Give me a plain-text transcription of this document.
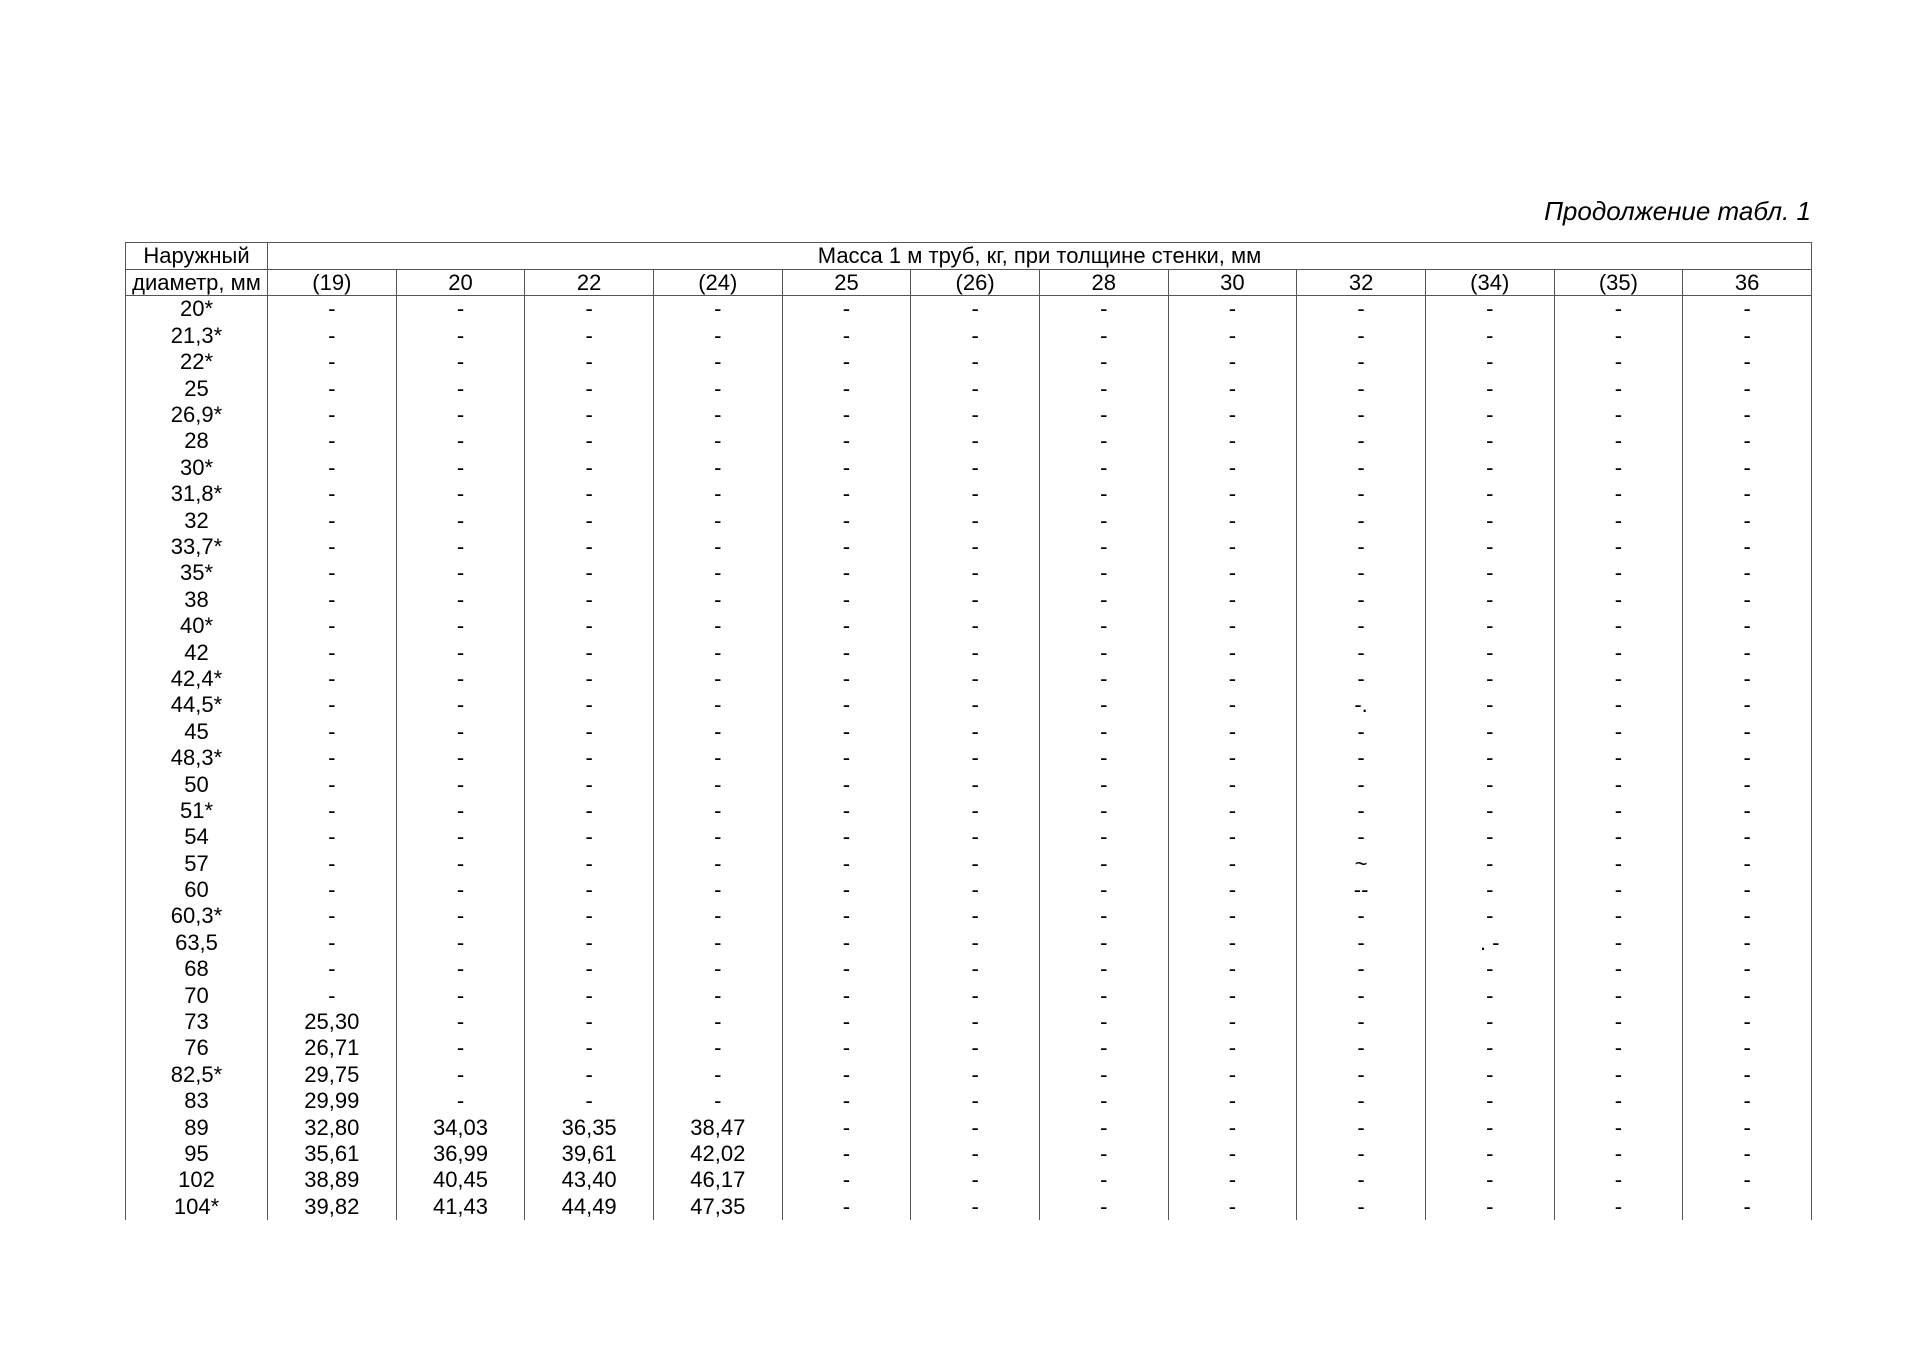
Продолжение табл. 1
Наружный	Масса 1 м труб, кг, при толщине стенки, мм											
диаметр, мм	(19)	20	22	(24)	25	(26)	28	30	32	(34)	(35)	36
20*	-	-	-	-	-	-	-	-	-	-	-	-
21,3*	-	-	-	-	-	-	-	-	-	-	-	-
22*	-	-	-	-	-	-	-	-	-	-	-	-
25	-	-	-	-	-	-	-	-	-	-	-	-
26,9*	-	-	-	-	-	-	-	-	-	-	-	-
28	-	-	-	-	-	-	-	-	-	-	-	-
30*	-	-	-	-	-	-	-	-	-	-	-	-
31,8*	-	-	-	-	-	-	-	-	-	-	-	-
32	-	-	-	-	-	-	-	-	-	-	-	-
33,7*	-	-	-	-	-	-	-	-	-	-	-	-
35*	-	-	-	-	-	-	-	-	-	-	-	-
38	-	-	-	-	-	-	-	-	-	-	-	-
40*	-	-	-	-	-	-	-	-	-	-	-	-
42	-	-	-	-	-	-	-	-	-	-	-	-
42,4*	-	-	-	-	-	-	-	-	-	-	-	-
44,5*	-	-	-	-	-	-	-	-	-.	-	-	-
45	-	-	-	-	-	-	-	-	-	-	-	-
48,3*	-	-	-	-	-	-	-	-	-	-	-	-
50	-	-	-	-	-	-	-	-	-	-	-	-
51*	-	-	-	-	-	-	-	-	-	-	-	-
54	-	-	-	-	-	-	-	-	-	-	-	-
57	-	-	-	-	-	-	-	-	~	-	-	-
60	-	-	-	-	-	-	-	-	--	-	-	-
60,3*	-	-	-	-	-	-	-	-	-	-	-	-
63,5	-	-	-	-	-	-	-	-	-	. -	-	-
68	-	-	-	-	-	-	-	-	-	-	-	-
70	-	-	-	-	-	-	-	-	-	-	-	-
73	25,30	-	-	-	-	-	-	-	-	-	-	-
76	26,71	-	-	-	-	-	-	-	-	-	-	-
82,5*	29,75	-	-	-	-	-	-	-	-	-	-	-
83	29,99	-	-	-	-	-	-	-	-	-	-	-
89	32,80	34,03	36,35	38,47	-	-	-	-	-	-	-	-
95	35,61	36,99	39,61	42,02	-	-	-	-	-	-	-	-
102	38,89	40,45	43,40	46,17	-	-	-	-	-	-	-	-
104*	39,82	41,43	44,49	47,35	-	-	-	-	-	-	-	-
